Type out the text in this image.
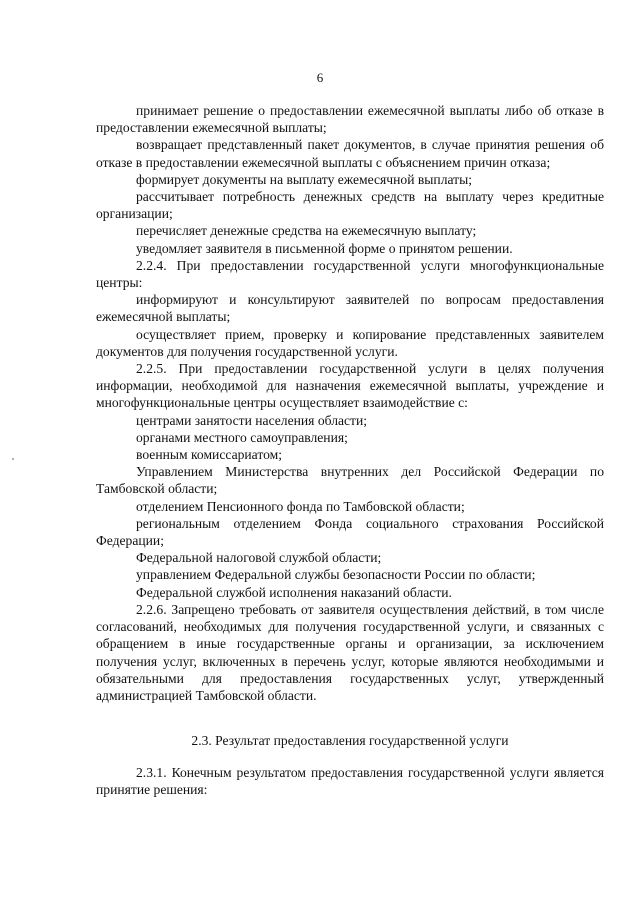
6

принимает решение о предоставлении ежемесячной выплаты либо об отказе в предоставлении ежемесячной выплаты;

возвращает представленный пакет документов, в случае принятия решения об отказе в предоставлении ежемесячной выплаты с объяснением причин отказа;

формирует документы на выплату ежемесячной выплаты;

рассчитывает потребность денежных средств на выплату через кредитные организации;

перечисляет денежные средства на ежемесячную выплату;

уведомляет заявителя в письменной форме о принятом решении.

2.2.4. При предоставлении государственной услуги многофункциональные центры:

информируют и консультируют заявителей по вопросам предоставления ежемесячной выплаты;

осуществляет прием, проверку и копирование представленных заявителем документов для получения государственной услуги.

2.2.5. При предоставлении государственной услуги в целях получения информации, необходимой для назначения ежемесячной выплаты, учреждение и многофункциональные центры осуществляет взаимодействие с:

центрами занятости населения области;

органами местного самоуправления;

военным комиссариатом;

Управлением Министерства внутренних дел Российской Федерации по Тамбовской области;

отделением Пенсионного фонда по Тамбовской области;

региональным отделением Фонда социального страхования Российской Федерации;

Федеральной налоговой службой области;

управлением Федеральной службы безопасности России по области;

Федеральной службой исполнения наказаний области.

2.2.6. Запрещено требовать от заявителя осуществления действий, в том числе согласований, необходимых для получения государственной услуги, и связанных с обращением в иные государственные органы и организации, за исключением получения услуг, включенных в перечень услуг, которые являются необходимыми и обязательными для предоставления государственных услуг, утвержденный администрацией Тамбовской области.

2.3. Результат предоставления государственной услуги

2.3.1. Конечным результатом предоставления государственной услуги является принятие решения:
